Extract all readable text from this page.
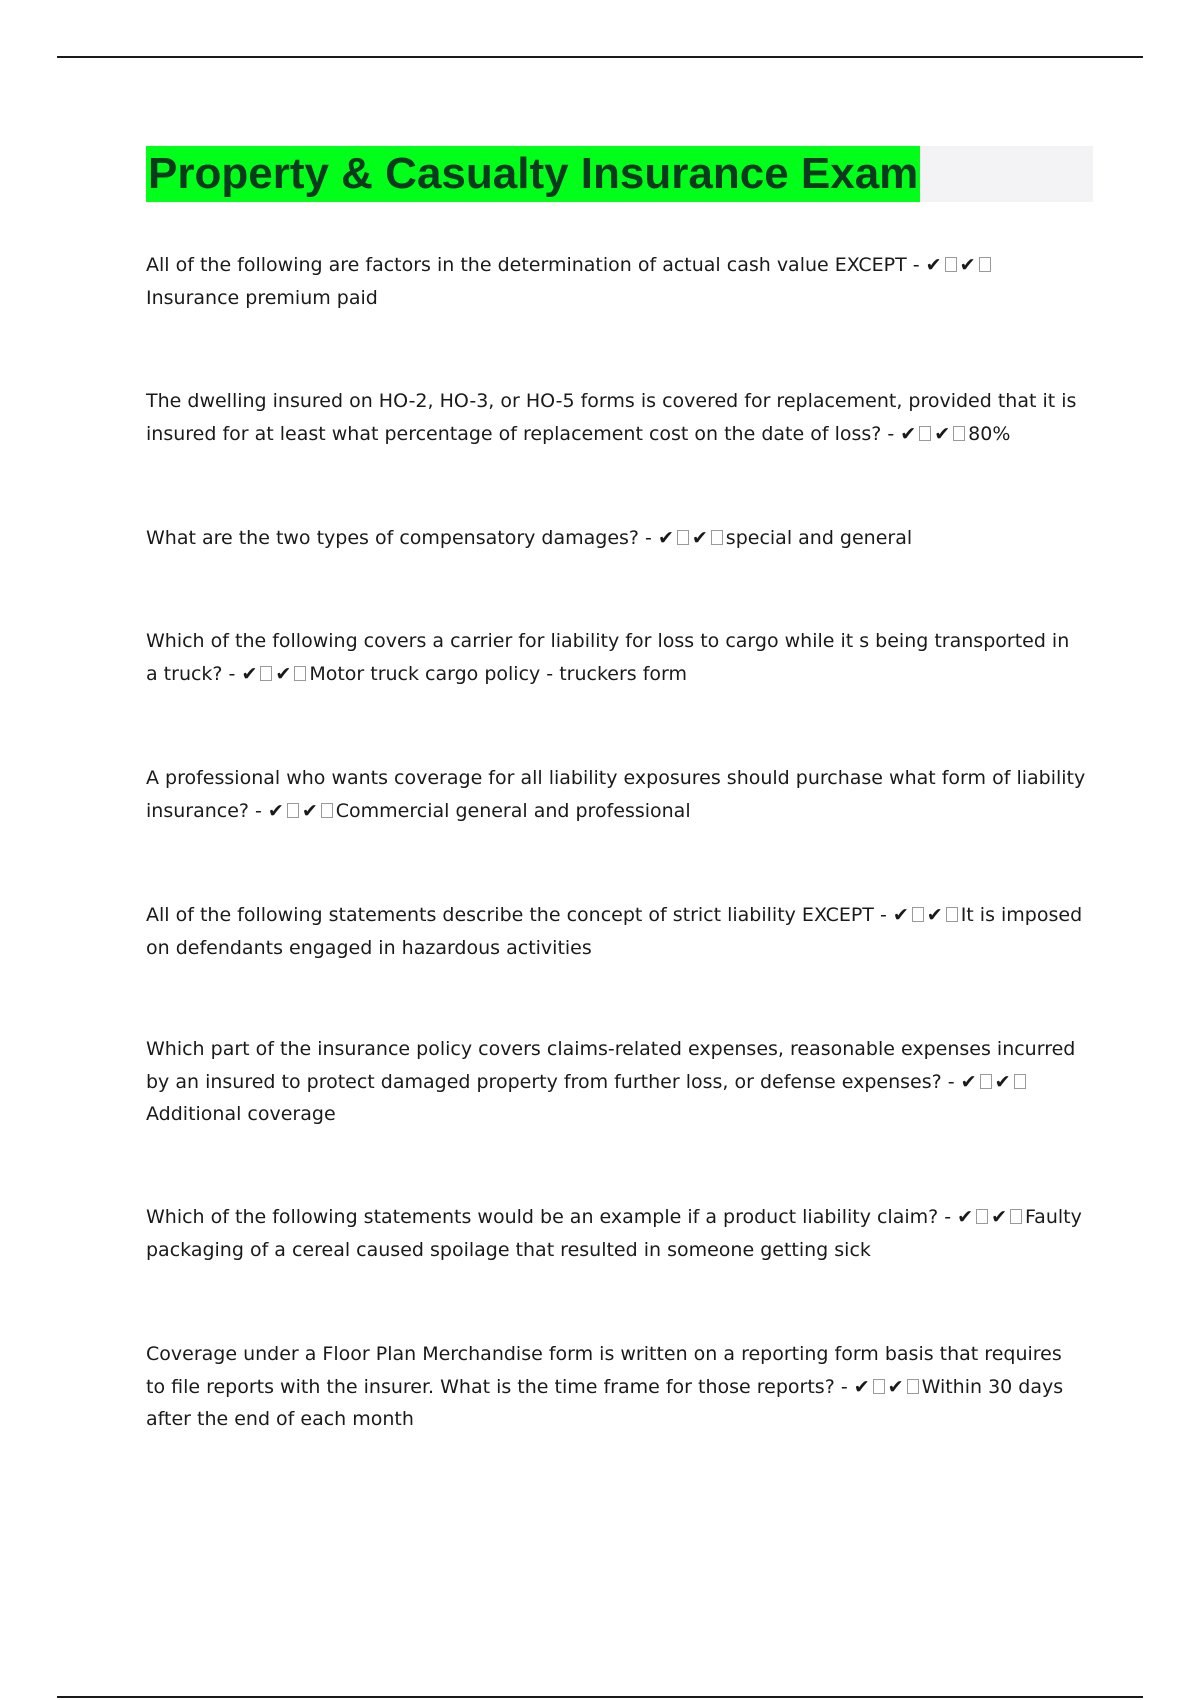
Property & Casualty Insurance Exam
All of the following are factors in the determination of actual cash value EXCEPT - ✔ ✔Insurance premium paid
The dwelling insured on HO-2, HO-3, or HO-5 forms is covered for replacement, provided that it is insured for at least what percentage of replacement cost on the date of loss? - ✔ ✔ 80%
What are the two types of compensatory damages? - ✔ ✔ special and general
Which of the following covers a carrier for liability for loss to cargo while it s being transported in a truck? - ✔ ✔ Motor truck cargo policy - truckers form
A professional who wants coverage for all liability exposures should purchase what form of liability insurance? - ✔ ✔ Commercial general and professional
All of the following statements describe the concept of strict liability EXCEPT - ✔ ✔ It is imposed on defendants engaged in hazardous activities
Which part of the insurance policy covers claims-related expenses, reasonable expenses incurred by an insured to protect damaged property from further loss, or defense expenses? - ✔ ✔Additional coverage
Which of the following statements would be an example if a product liability claim? - ✔ ✔ Faulty packaging of a cereal caused spoilage that resulted in someone getting sick
Coverage under a Floor Plan Merchandise form is written on a reporting form basis that requires to file reports with the insurer. What is the time frame for those reports? - ✔ ✔ Within 30 days after the end of each month
